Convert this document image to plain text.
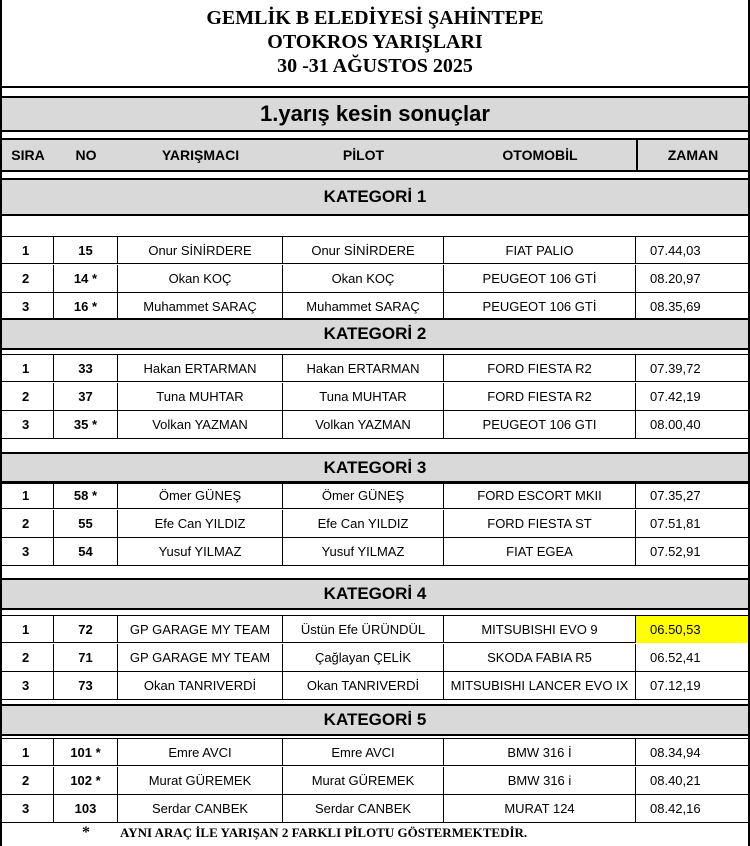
GEMLİK B ELEDİYESİ ŞAHİNTEPE
OTOKROS YARIŞLARI
30 -31 AĞUSTOS 2025
1.yarış kesin sonuçlar
SIRA	NO	YARIŞMACI	PİLOT	OTOMOBİL	ZAMAN
KATEGORİ 1
1	15	Onur SİNİRDERE	Onur SİNİRDERE	FIAT PALIO	07.44,03
2	14 *	Okan KOÇ	Okan KOÇ	PEUGEOT 106 GTİ	08.20,97
3	16 *	Muhammet SARAÇ	Muhammet SARAÇ	PEUGEOT 106 GTİ	08.35,69
KATEGORİ 2
1	33	Hakan ERTARMAN	Hakan ERTARMAN	FORD FIESTA R2	07.39,72
2	37	Tuna MUHTAR	Tuna MUHTAR	FORD FIESTA R2	07.42,19
3	35 *	Volkan YAZMAN	Volkan YAZMAN	PEUGEOT 106 GTI	08.00,40
KATEGORİ 3
1	58 *	Ömer GÜNEŞ	Ömer GÜNEŞ	FORD ESCORT MKII	07.35,27
2	55	Efe Can YILDIZ	Efe Can YILDIZ	FORD FIESTA ST	07.51,81
3	54	Yusuf YILMAZ	Yusuf YILMAZ	FIAT EGEA	07.52,91
KATEGORİ 4
1	72	GP GARAGE MY TEAM	Üstün Efe ÜRÜNDÜL	MITSUBISHI EVO 9	06.50,53
2	71	GP GARAGE MY TEAM	Çağlayan ÇELİK	SKODA FABIA R5	06.52,41
3	73	Okan TANRIVERDİ	Okan TANRIVERDİ	MITSUBISHI LANCER EVO IX	07.12,19
KATEGORİ 5
1	101 *	Emre AVCI	Emre AVCI	BMW 316 İ	08.34,94
2	102 *	Murat GÜREMEK	Murat GÜREMEK	BMW 316 i	08.40,21
3	103	Serdar CANBEK	Serdar CANBEK	MURAT 124	08.42,16
* AYNI ARAÇ İLE YARIŞAN 2 FARKLI PİLOTU GÖSTERMEKTEDİR.
